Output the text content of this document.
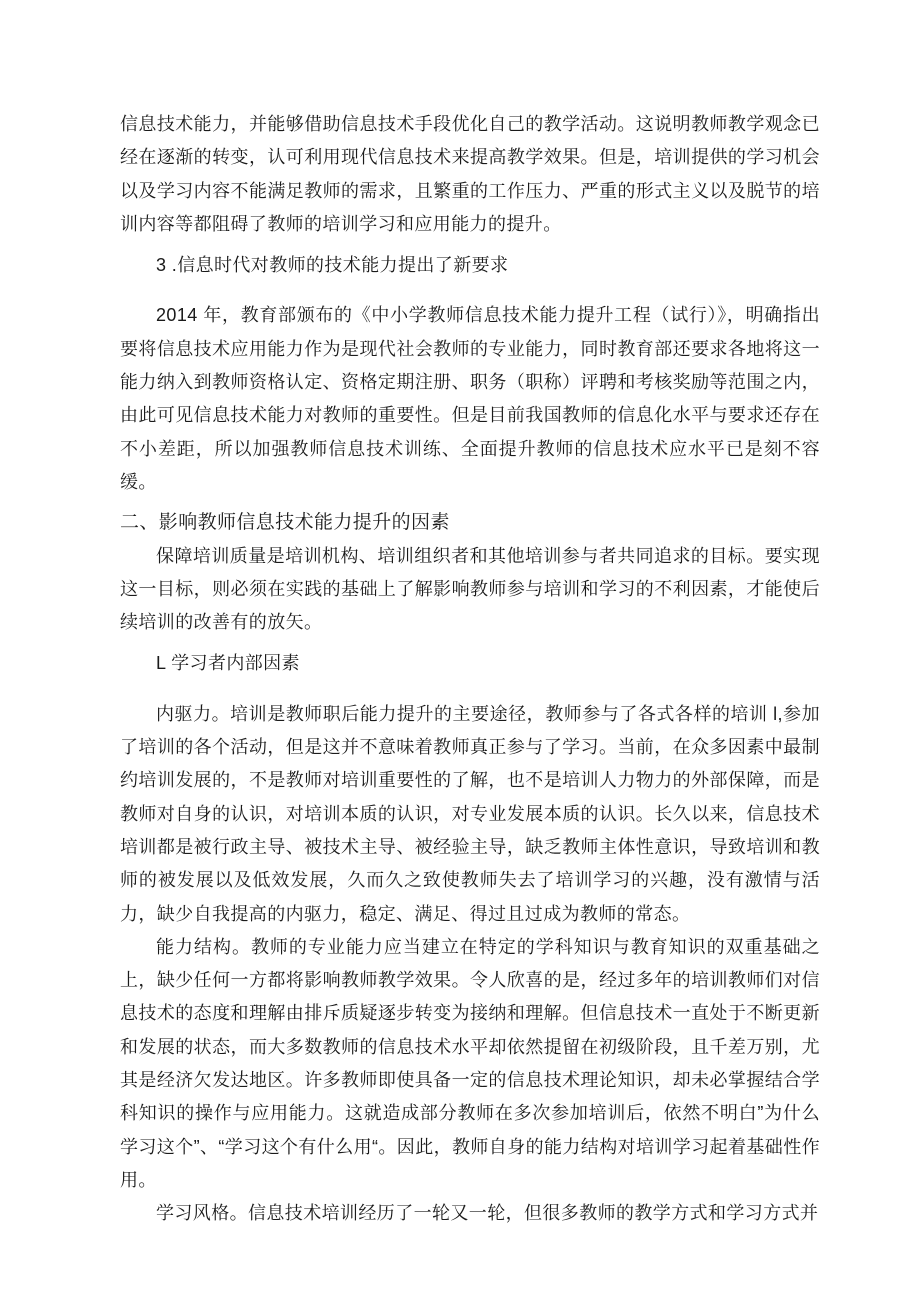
信息技术能力，并能够借助信息技术手段优化自己的教学活动。这说明教师教学观念已经在逐渐的转变，认可利用现代信息技术来提高教学效果。但是，培训提供的学习机会以及学习内容不能满足教师的需求，且繁重的工作压力、严重的形式主义以及脱节的培训内容等都阻碍了教师的培训学习和应用能力的提升。

3 .信息时代对教师的技术能力提出了新要求

2014 年，教育部颁布的《中小学教师信息技术能力提升工程（试行）》，明确指出要将信息技术应用能力作为是现代社会教师的专业能力，同时教育部还要求各地将这一能力纳入到教师资格认定、资格定期注册、职务（职称）评聘和考核奖励等范围之内，由此可见信息技术能力对教师的重要性。但是目前我国教师的信息化水平与要求还存在不小差距，所以加强教师信息技术训练、全面提升教师的信息技术应水平已是刻不容缓。

二、影响教师信息技术能力提升的因素

保障培训质量是培训机构、培训组织者和其他培训参与者共同追求的目标。要实现这一目标，则必须在实践的基础上了解影响教师参与培训和学习的不利因素，才能使后续培训的改善有的放矢。

L 学习者内部因素

内驱力。培训是教师职后能力提升的主要途径，教师参与了各式各样的培训 l,参加了培训的各个活动，但是这并不意味着教师真正参与了学习。当前，在众多因素中最制约培训发展的，不是教师对培训重要性的了解，也不是培训人力物力的外部保障，而是教师对自身的认识，对培训本质的认识，对专业发展本质的认识。长久以来，信息技术培训都是被行政主导、被技术主导、被经验主导，缺乏教师主体性意识，导致培训和教师的被发展以及低效发展，久而久之致使教师失去了培训学习的兴趣，没有激情与活力，缺少自我提高的内驱力，稳定、满足、得过且过成为教师的常态。

能力结构。教师的专业能力应当建立在特定的学科知识与教育知识的双重基础之上，缺少任何一方都将影响教师教学效果。令人欣喜的是，经过多年的培训教师们对信息技术的态度和理解由排斥质疑逐步转变为接纳和理解。但信息技术一直处于不断更新和发展的状态，而大多数教师的信息技术水平却依然提留在初级阶段，且千差万别，尤其是经济欠发达地区。许多教师即使具备一定的信息技术理论知识，却未必掌握结合学科知识的操作与应用能力。这就造成部分教师在多次参加培训后，依然不明白”为什么学习这个”、“学习这个有什么用“。因此，教师自身的能力结构对培训学习起着基础性作用。

学习风格。信息技术培训经历了一轮又一轮，但很多教师的教学方式和学习方式并
